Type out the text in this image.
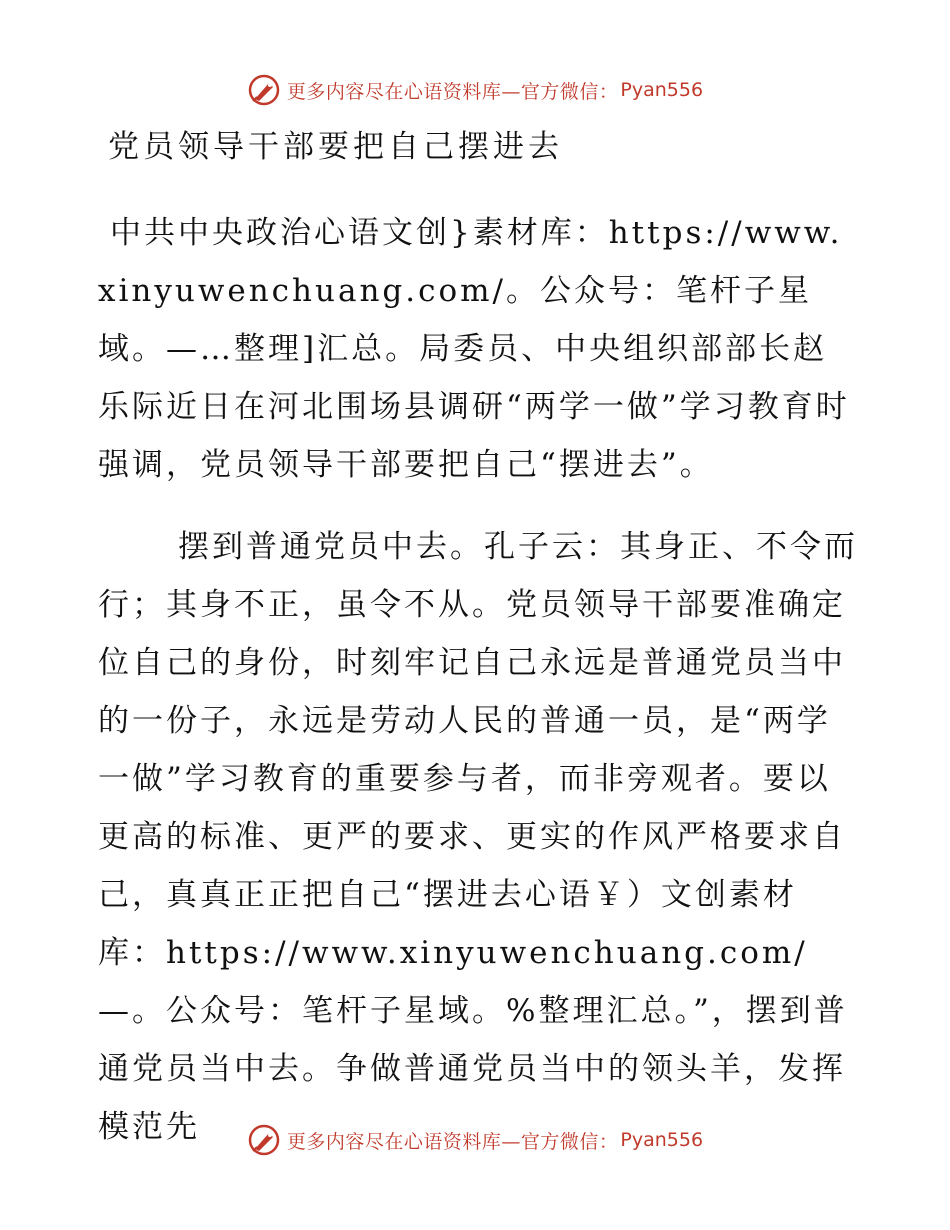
更多内容尽在心语资料库—官方微信： Pyan556
党员领导干部要把自己摆进去

中共中央政治心语文创}素材库：https://www.xinyuwenchuang.com/。公众号：笔杆子星域。—…整理]汇总。局委员、中央组织部部长赵乐际近日在河北围场县调研“两学一做”学习教育时强调，党员领导干部要把自己“摆进去”。

摆到普通党员中去。孔子云：其身正、不令而行；其身不正，虽令不从。党员领导干部要准确定位自己的身份，时刻牢记自己永远是普通党员当中的一份子，永远是劳动人民的普通一员，是“两学一做”学习教育的重要参与者，而非旁观者。要以更高的标准、更严的要求、更实的作风严格要求自己，真真正正把自己“摆进去心语￥）文创素材库：https://www.xinyuwenchuang.com/—。公众号：笔杆子星域。%整理汇总。”，摆到普通党员当中去。争做普通党员当中的领头羊，发挥模范先	更多内容尽在心语资料库—官方微信： Pyan556
